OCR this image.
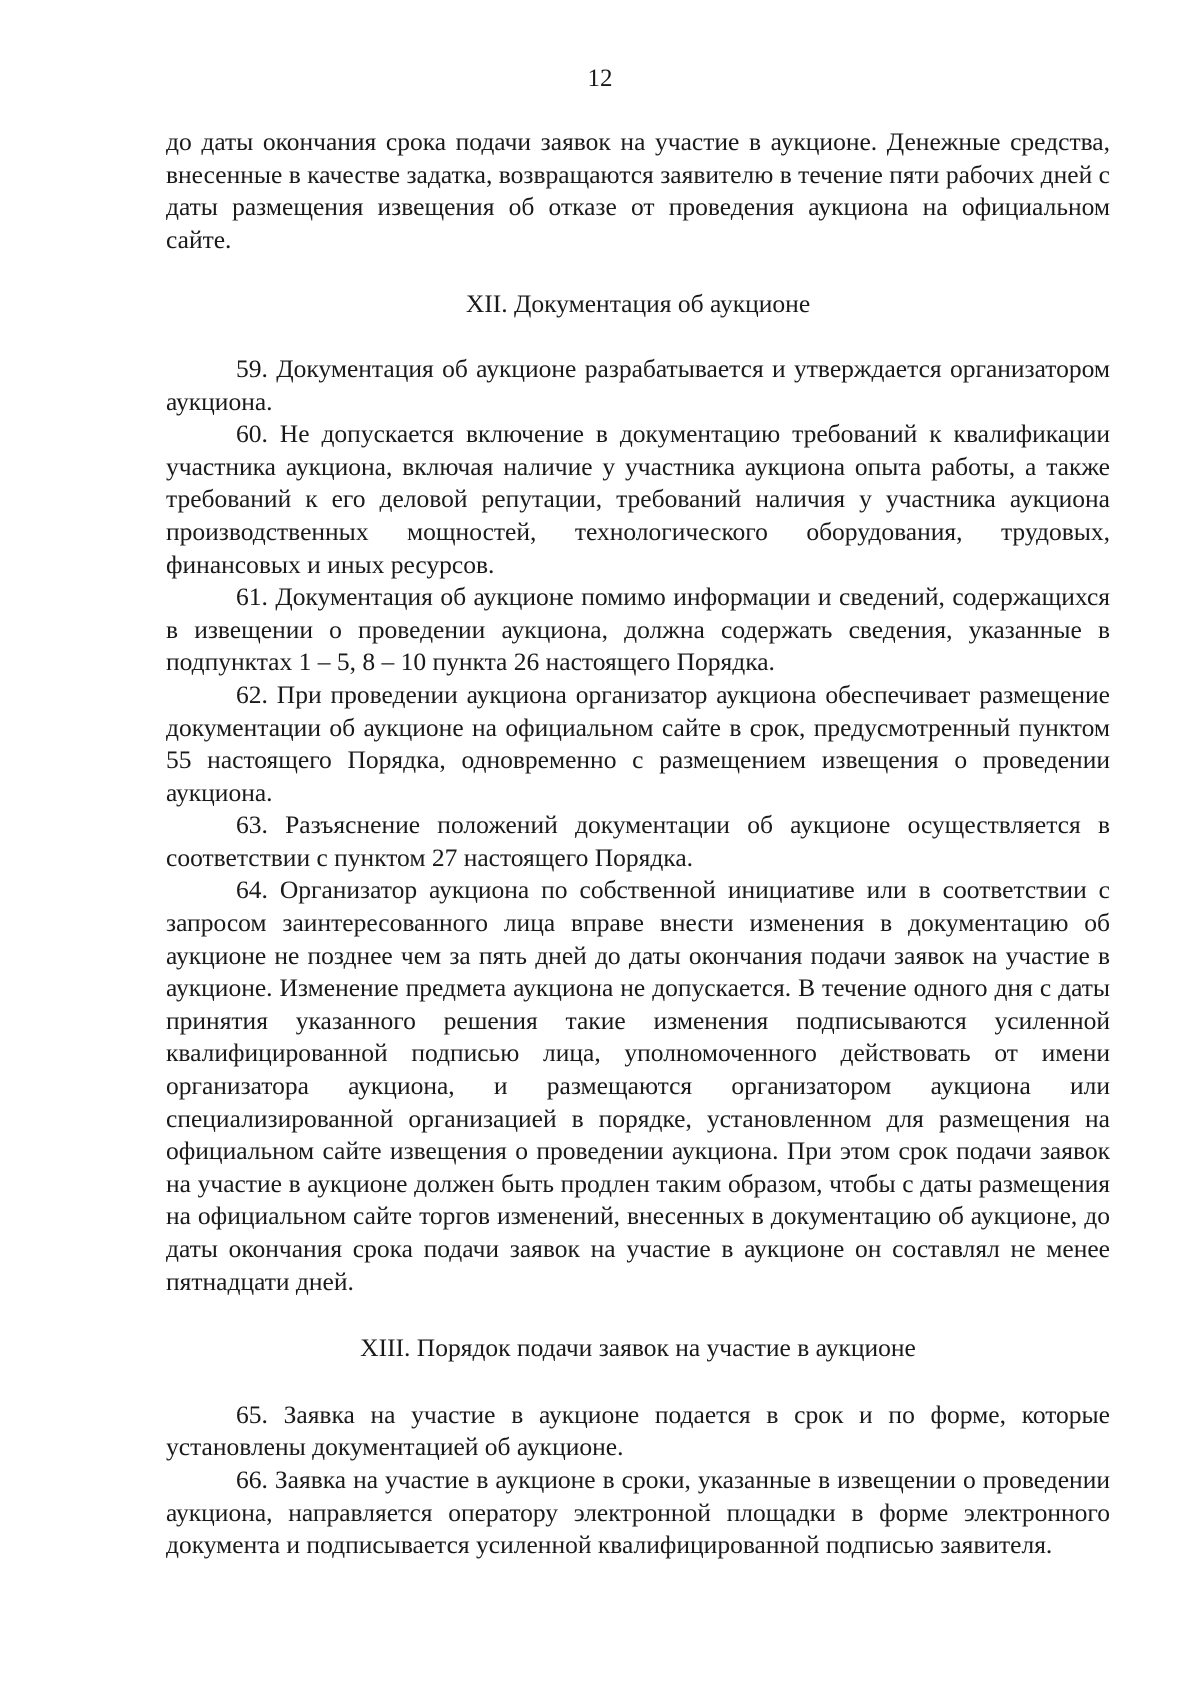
12

до даты окончания срока подачи заявок на участие в аукционе. Денежные средства, внесенные в качестве задатка, возвращаются заявителю в течение пяти рабочих дней с даты размещения извещения об отказе от проведения аукциона на официальном сайте.

XII. Документация об аукционе

59. Документация об аукционе разрабатывается и утверждается организатором аукциона.

60. Не допускается включение в документацию требований к квалификации участника аукциона, включая наличие у участника аукциона опыта работы, а также требований к его деловой репутации, требований наличия у участника аукциона производственных мощностей, технологического оборудования, трудовых, финансовых и иных ресурсов.

61. Документация об аукционе помимо информации и сведений, содержащихся в извещении о проведении аукциона, должна содержать сведения, указанные в подпунктах 1 – 5, 8 – 10 пункта 26 настоящего Порядка.

62. При проведении аукциона организатор аукциона обеспечивает размещение документации об аукционе на официальном сайте в срок, предусмотренный пунктом 55 настоящего Порядка, одновременно с размещением извещения о проведении аукциона.

63. Разъяснение положений документации об аукционе осуществляется в соответствии с пунктом 27 настоящего Порядка.

64. Организатор аукциона по собственной инициативе или в соответствии с запросом заинтересованного лица вправе внести изменения в документацию об аукционе не позднее чем за пять дней до даты окончания подачи заявок на участие в аукционе. Изменение предмета аукциона не допускается. В течение одного дня с даты принятия указанного решения такие изменения подписываются усиленной квалифицированной подписью лица, уполномоченного действовать от имени организатора аукциона, и размещаются организатором аукциона или специализированной организацией в порядке, установленном для размещения на официальном сайте извещения о проведении аукциона. При этом срок подачи заявок на участие в аукционе должен быть продлен таким образом, чтобы с даты размещения на официальном сайте торгов изменений, внесенных в документацию об аукционе, до даты окончания срока подачи заявок на участие в аукционе он составлял не менее пятнадцати дней.

XIII. Порядок подачи заявок на участие в аукционе

65. Заявка на участие в аукционе подается в срок и по форме, которые установлены документацией об аукционе.

66. Заявка на участие в аукционе в сроки, указанные в извещении о проведении аукциона, направляется оператору электронной площадки в форме электронного документа и подписывается усиленной квалифицированной подписью заявителя.
